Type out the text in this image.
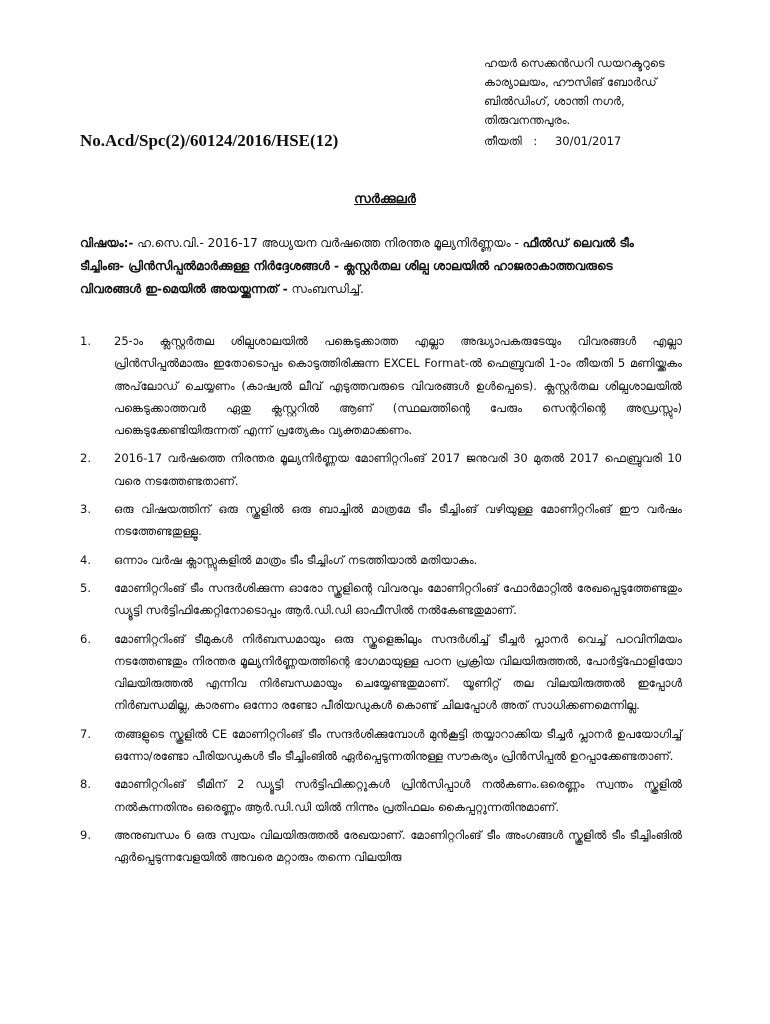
ഹയർ സെക്കൻഡറി ഡയറക്ടറുടെ
കാര്യാലയം, ഹൗസിങ് ബോർഡ്
ബിൽഡിംഗ്, ശാന്തി നഗർ,
തിരുവനന്തപുരം.
No.Acd/Spc(2)/60124/2016/HSE(12)	തീയതി : 30/01/2017
സർക്കുലർ
വിഷയം:- ഹ.സെ.വി.- 2016-17 അധ്യയന വർഷത്തെ നിരന്തര മൂല്യനിർണ്ണയം - ഫീൽഡ് ലെവൽ ടീം ടീച്ചിംങ- പ്രിൻസിപ്പൽമാർക്കുള്ള നിർദ്ദേശങ്ങൾ - ക്ലസ്റ്റർതല ശില്പ ശാലയിൽ ഹാജരാകാത്തവരുടെ വിവരങ്ങൾ ഇ-മെയിൽ അയയ്ക്കുന്നത് - സംബന്ധിച്ച്.
1. 25-ാം ക്ലസ്റ്റർതല ശില്പശാലയിൽ പങ്കെടുക്കാത്ത എല്ലാ അദ്ധ്യാപകരുടേയും വിവരങ്ങൾ എല്ലാ പ്രിൻസിപ്പൽമാരും ഇതോടൊപ്പം കൊടുത്തിരിക്കുന്ന EXCEL Format-ൽ ഫെബ്രുവരി 1-ാം തീയതി 5 മണിയ്ക്കകം അപ്‌ലോഡ് ചെയ്യണം (കാഷ്വൽ ലീവ് എടുത്തവരുടെ വിവരങ്ങൾ ഉൾപ്പെടെ). ക്ലസ്റ്റർതല ശില്പശാലയിൽ പങ്കെടുക്കാത്തവർ ഏതു ക്ലസ്റ്ററിൽ ആണ് (സ്ഥലത്തിന്റെ പേരും സെന്ററിന്റെ അഡ്രസ്സും) പങ്കെടുക്കേണ്ടിയിരുന്നത് എന്ന് പ്രത്യേകം വ്യക്തമാക്കണം.
2. 2016-17 വർഷത്തെ നിരന്തര മൂല്യനിർണ്ണയ മോണിറ്ററിംങ് 2017 ജനുവരി 30 മുതൽ 2017 ഫെബ്രുവരി 10 വരെ നടത്തേണ്ടതാണ്.
3. ഒരു വിഷയത്തിന് ഒരു സ്കൂളിൽ ഒരു ബാച്ചിൽ മാത്രമേ ടീം ടീച്ചിംങ് വഴിയുള്ള മോണിറ്ററിംങ് ഈ വർഷം നടത്തേണ്ടതുള്ളൂ.
4. ഒന്നാം വർഷ ക്ലാസ്സുകളിൽ മാത്രം ടീം ടീച്ചിംഗ് നടത്തിയാൽ മതിയാകും.
5. മോണിറ്ററിംങ് ടീം സന്ദർശിക്കുന്ന ഓരോ സ്കൂളിന്റെ വിവരവും മോണിറ്ററിംങ് ഫോർമാറ്റിൽ രേഖപ്പെടുത്തേണ്ടതും ഡ്യൂട്ടി സർട്ടിഫിക്കേറ്റിനോടൊപ്പം ആർ.ഡി.ഡി ഓഫീസിൽ നൽകേണ്ടതുമാണ്.
6. മോണിറ്ററിംങ് ടീമുകൾ നിർബന്ധമായും ഒരു സ്കൂളെങ്കിലും സന്ദർശിച്ച് ടീച്ചർ പ്ലാനർ വെച്ച് പഠവിനിമയം നടത്തേണ്ടതും നിരന്തര മൂല്യനിർണ്ണയത്തിന്റെ ഭാഗമായുള്ള പഠന പ്രക്രിയ വിലയിരുത്തൽ, പോർട്ട്ഫോളിയോ വിലയിരുത്തൽ എന്നിവ നിർബന്ധമായും ചെയ്യേണ്ടതുമാണ്. യൂണിറ്റ് തല വിലയിരുത്തൽ ഇപ്പോൾ നിർബന്ധമില്ല, കാരണം ഒന്നോ രണ്ടോ പീരിയഡുകൾ കൊണ്ട് ചിലപ്പോൾ അത് സാധിക്കണമെന്നില്ല.
7. തങ്ങളുടെ സ്കൂളിൽ CE മോണിറ്ററിംങ് ടീം സന്ദർശിക്കുമ്പോൾ മുൻകൂട്ടി തയ്യാറാക്കിയ ടീച്ചർ പ്ലാനർ ഉപയോഗിച്ച് ഒന്നോ/രണ്ടോ പീരിയഡുകൾ ടീം ടീച്ചിംങിൽ ഏർപ്പെടുന്നതിനുള്ള സൗകര്യം പ്രിൻസിപ്പൽ ഉറപ്പാക്കേണ്ടതാണ്.
8. മോണിറ്ററിംങ് ടീമിന് 2 ഡ്യൂട്ടി സർട്ടിഫിക്കറ്റുകൾ പ്രിൻസിപ്പാൾ നൽകണം.ഒരെണ്ണം സ്വന്തം സ്കൂളിൽ നൽകുന്നതിനും ഒരെണ്ണം ആർ.ഡി.ഡി യിൽ നിന്നും പ്രതിഫലം കൈപ്പറ്റുന്നതിനുമാണ്.
9. അനുബന്ധം 6 ഒരു സ്വയം വിലയിരുത്തൽ രേഖയാണ്. മോണിറ്ററിംങ് ടീം അംഗങ്ങൾ സ്കൂളിൽ ടീം ടീച്ചിംങിൽ ഏർപ്പെടുന്നവേളയിൽ അവരെ മറ്റാരും തന്നെ വിലയിരു
